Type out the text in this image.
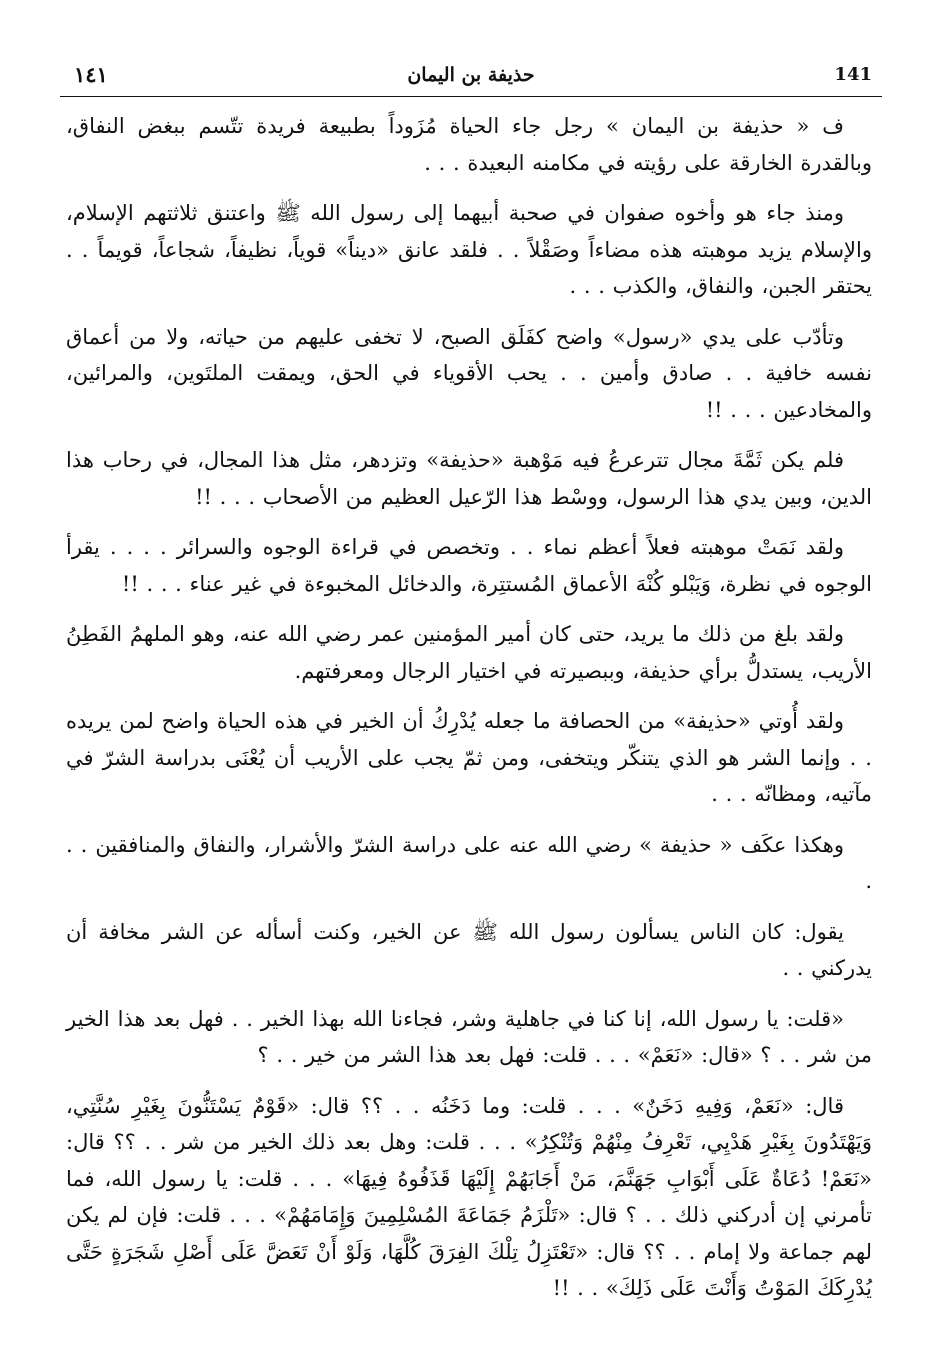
١٤١	حذيفة بن اليمان	141

ف « حذيفة بن اليمان » رجل جاء الحياة مُزَوداً بطبيعة فريدة تتّسم ببغض النفاق، وبالقدرة الخارقة على رؤيته في مكامنه البعيدة . . .

ومنذ جاء هو وأخوه صفوان في صحبة أبيهما إلى رسول الله ﷺ واعتنق ثلاثتهم الإسلام، والإسلام يزيد موهبته هذه مضاءاً وصَقْلاً . . فلقد عانق «ديناً» قوياً، نظيفاً، شجاعاً، قويماً . . يحتقر الجبن، والنفاق، والكذب . . .

وتأدّب على يدي «رسول» واضح كفَلَق الصبح، لا تخفى عليهم من حياته، ولا من أعماق نفسه خافية . . صادق وأمين . . يحب الأقوياء في الحق، ويمقت الملتَوين، والمرائين، والمخادعين . . . !!

فلم يكن ثَمَّةَ مجال تترعرعُ فيه مَوْهبة «حذيفة» وتزدهر، مثل هذا المجال، في رحاب هذا الدين، وبين يدي هذا الرسول، ووسْط هذا الرّعيل العظيم من الأصحاب . . . !!

ولقد نَمَتْ موهبته فعلاً أعظم نماء . . وتخصص في قراءة الوجوه والسرائر . . . . يقرأ الوجوه في نظرة، وَيَبْلو كُنْهَ الأعماق المُستتِرة، والدخائل المخبوءة في غير عناء . . . !!

ولقد بلغ من ذلك ما يريد، حتى كان أمير المؤمنين عمر رضي الله عنه، وهو الملهمُ الفَطِنُ الأريب، يستدلُّ برأي حذيفة، وببصيرته في اختيار الرجال ومعرفتهم.

ولقد أُوتي «حذيفة» من الحصافة ما جعله يُدْرِكُ أن الخير في هذه الحياة واضح لمن يريده . . وإنما الشر هو الذي يتنكّر ويتخفى، ومن ثمّ يجب على الأريب أن يُعْنَى بدراسة الشرّ في مآتيه، ومظانّه . . .

وهكذا عكَف « حذيفة » رضي الله عنه على دراسة الشرّ والأشرار، والنفاق والمنافقين . . .

يقول: كان الناس يسألون رسول الله ﷺ عن الخير، وكنت أسأله عن الشر مخافة أن يدركني . .

«قلت: يا رسول الله، إنا كنا في جاهلية وشر، فجاءنا الله بهذا الخير . . فهل بعد هذا الخير من شر . . ؟ «قال: «نَعَمْ» . . . قلت: فهل بعد هذا الشر من خير . . ؟

قال: «نَعَمْ، وَفِيهِ دَخَنٌ» . . . قلت: وما دَخَنُه . . ؟؟ قال: «قَوْمٌ يَسْتَنُّونَ بِغَيْرِ سُنَّتِي، وَيَهْتَدُونَ بِغَيْرِ هَدْيِي، تَعْرِفُ مِنْهُمْ وَتُنْكِرُ» . . . قلت: وهل بعد ذلك الخير من شر . . ؟؟ قال: «نَعَمْ! دُعَاةٌ عَلَى أَبْوَابِ جَهَنَّمَ، مَنْ أَجَابَهُمْ إِلَيْهَا قَذَفُوهُ فِيهَا» . . . قلت: يا رسول الله، فما تأمرني إن أدركني ذلك . . ؟ قال: «تَلْزَمُ جَمَاعَةَ المُسْلِمِينَ وَإِمَامَهُمْ» . . . قلت: فإن لم يكن لهم جماعة ولا إمام . . ؟؟ قال: «تَعْتَزِلُ تِلْكَ الفِرَقَ كُلَّهَا، وَلَوْ أَنْ تَعَضَّ عَلَى أَصْلِ شَجَرَةٍ حَتَّى يُدْرِكَكَ المَوْتُ وَأَنْتَ عَلَى ذَلِكَ» . . !!
